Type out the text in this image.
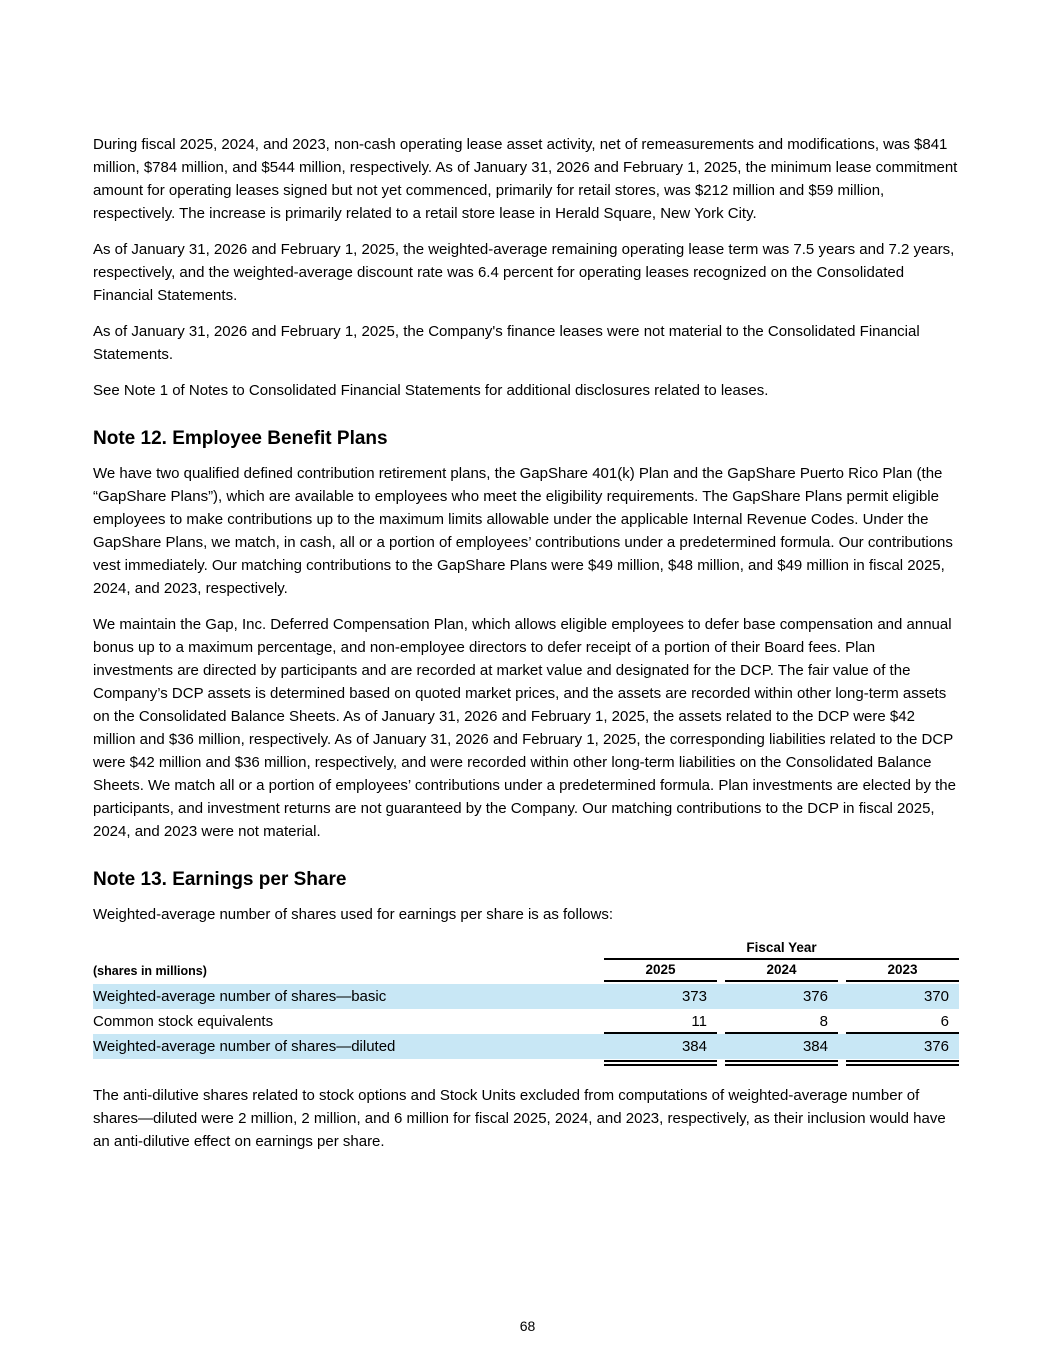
During fiscal 2025, 2024, and 2023, non-cash operating lease asset activity, net of remeasurements and modifications, was $841 million, $784 million, and $544 million, respectively. As of January 31, 2026 and February 1, 2025, the minimum lease commitment amount for operating leases signed but not yet commenced, primarily for retail stores, was $212 million and $59 million, respectively. The increase is primarily related to a retail store lease in Herald Square, New York City.

As of January 31, 2026 and February 1, 2025, the weighted-average remaining operating lease term was 7.5 years and 7.2 years, respectively, and the weighted-average discount rate was 6.4 percent for operating leases recognized on the Consolidated Financial Statements.

As of January 31, 2026 and February 1, 2025, the Company's finance leases were not material to the Consolidated Financial Statements.

See Note 1 of Notes to Consolidated Financial Statements for additional disclosures related to leases.

Note 12. Employee Benefit Plans

We have two qualified defined contribution retirement plans, the GapShare 401(k) Plan and the GapShare Puerto Rico Plan (the “GapShare Plans”), which are available to employees who meet the eligibility requirements. The GapShare Plans permit eligible employees to make contributions up to the maximum limits allowable under the applicable Internal Revenue Codes. Under the GapShare Plans, we match, in cash, all or a portion of employees’ contributions under a predetermined formula. Our contributions vest immediately. Our matching contributions to the GapShare Plans were $49 million, $48 million, and $49 million in fiscal 2025, 2024, and 2023, respectively.

We maintain the Gap, Inc. Deferred Compensation Plan, which allows eligible employees to defer base compensation and annual bonus up to a maximum percentage, and non-employee directors to defer receipt of a portion of their Board fees. Plan investments are directed by participants and are recorded at market value and designated for the DCP. The fair value of the Company’s DCP assets is determined based on quoted market prices, and the assets are recorded within other long-term assets on the Consolidated Balance Sheets. As of January 31, 2026 and February 1, 2025, the assets related to the DCP were $42 million and $36 million, respectively. As of January 31, 2026 and February 1, 2025, the corresponding liabilities related to the DCP were $42 million and $36 million, respectively, and were recorded within other long-term liabilities on the Consolidated Balance Sheets. We match all or a portion of employees’ contributions under a predetermined formula. Plan investments are elected by the participants, and investment returns are not guaranteed by the Company. Our matching contributions to the DCP in fiscal 2025, 2024, and 2023 were not material.

Note 13. Earnings per Share

Weighted-average number of shares used for earnings per share is as follows:

Fiscal Year
(shares in millions)	2025	2024	2023
Weighted-average number of shares—basic	373	376	370
Common stock equivalents	11	8	6
Weighted-average number of shares—diluted	384	384	376

The anti-dilutive shares related to stock options and Stock Units excluded from computations of weighted-average number of shares—diluted were 2 million, 2 million, and 6 million for fiscal 2025, 2024, and 2023, respectively, as their inclusion would have an anti-dilutive effect on earnings per share.

68
